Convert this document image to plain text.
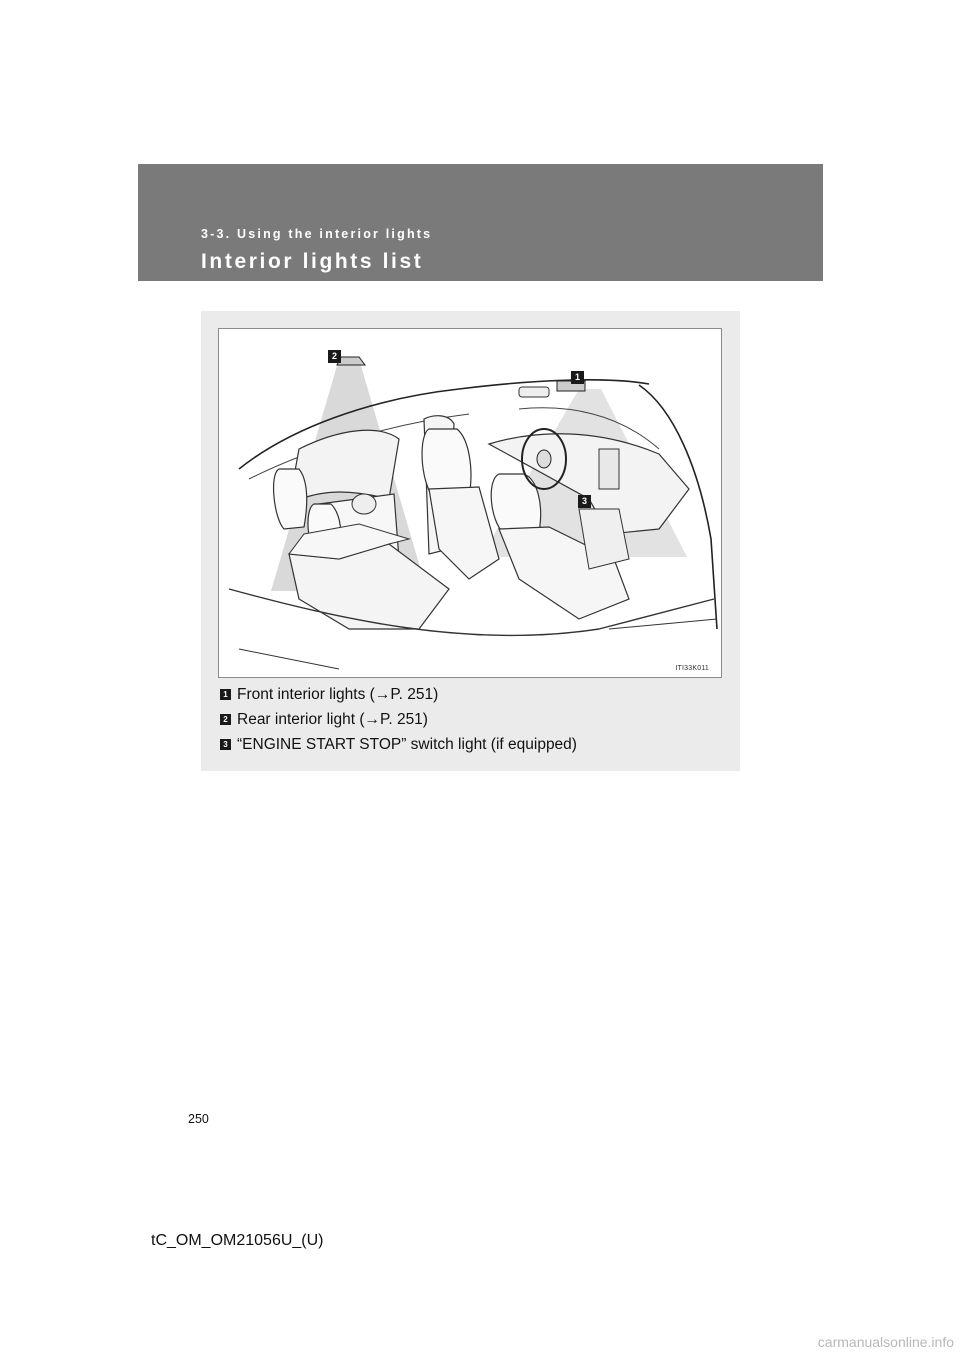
3-3. Using the interior lights
Interior lights list
2
1
3
ITI33K011
1 Front interior lights (→P. 251)
2 Rear interior light (→P. 251)
3 “ENGINE START STOP” switch light (if equipped)
250
tC_OM_OM21056U_(U)
carmanualsonline.info
